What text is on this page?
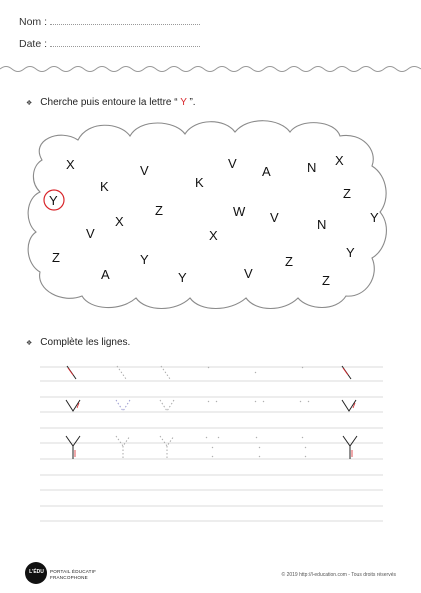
Nom :
Date :
❖ Cherche puis entoure la lettre “ Y ”.
X
K
V	V
K
A	N X
Y
X
Z	W V	N
Z
Y
V
Z
X
Y	Z
A	Y	V
Y
Z
❖ Complète les lignes.
L'ÉDU	PORTAIL ÉDUCATIF
FRANCOPHONE	© 2019 http://l-education.com - Tous droits réservés
